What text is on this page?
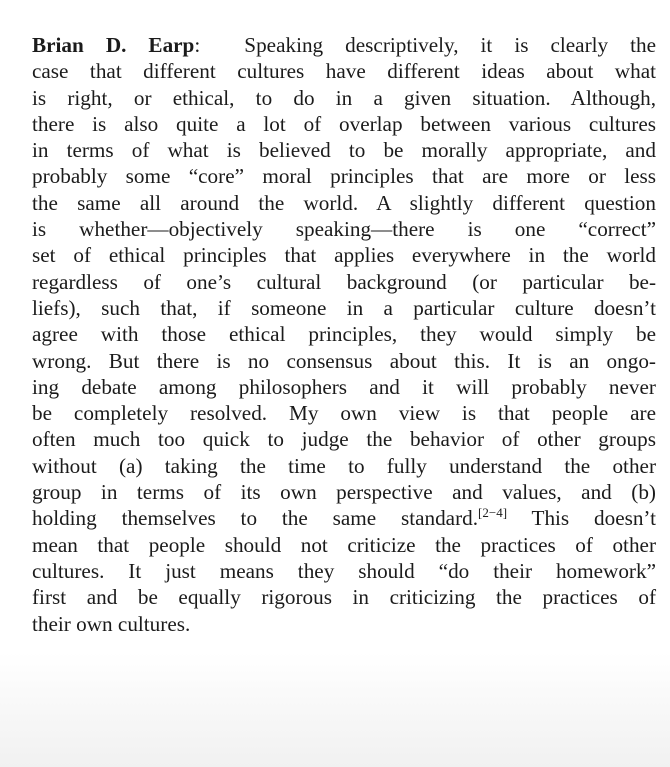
Brian D. Earp: Speaking descriptively, it is clearly the
case that different cultures have different ideas about what
is right, or ethical, to do in a given situation. Although,
there is also quite a lot of overlap between various cultures
in terms of what is believed to be morally appropriate, and
probably some “core” moral principles that are more or less
the same all around the world. A slightly different question
is whether—objectively speaking—there is one “correct”
set of ethical principles that applies everywhere in the world
regardless of one’s cultural background (or particular be-
liefs), such that, if someone in a particular culture doesn’t
agree with those ethical principles, they would simply be
wrong. But there is no consensus about this. It is an ongo-
ing debate among philosophers and it will probably never
be completely resolved. My own view is that people are
often much too quick to judge the behavior of other groups
without (a) taking the time to fully understand the other
group in terms of its own perspective and values, and (b)
holding themselves to the same standard.[2−4] This doesn’t
mean that people should not criticize the practices of other
cultures. It just means they should “do their homework”
first and be equally rigorous in criticizing the practices of
their own cultures.
